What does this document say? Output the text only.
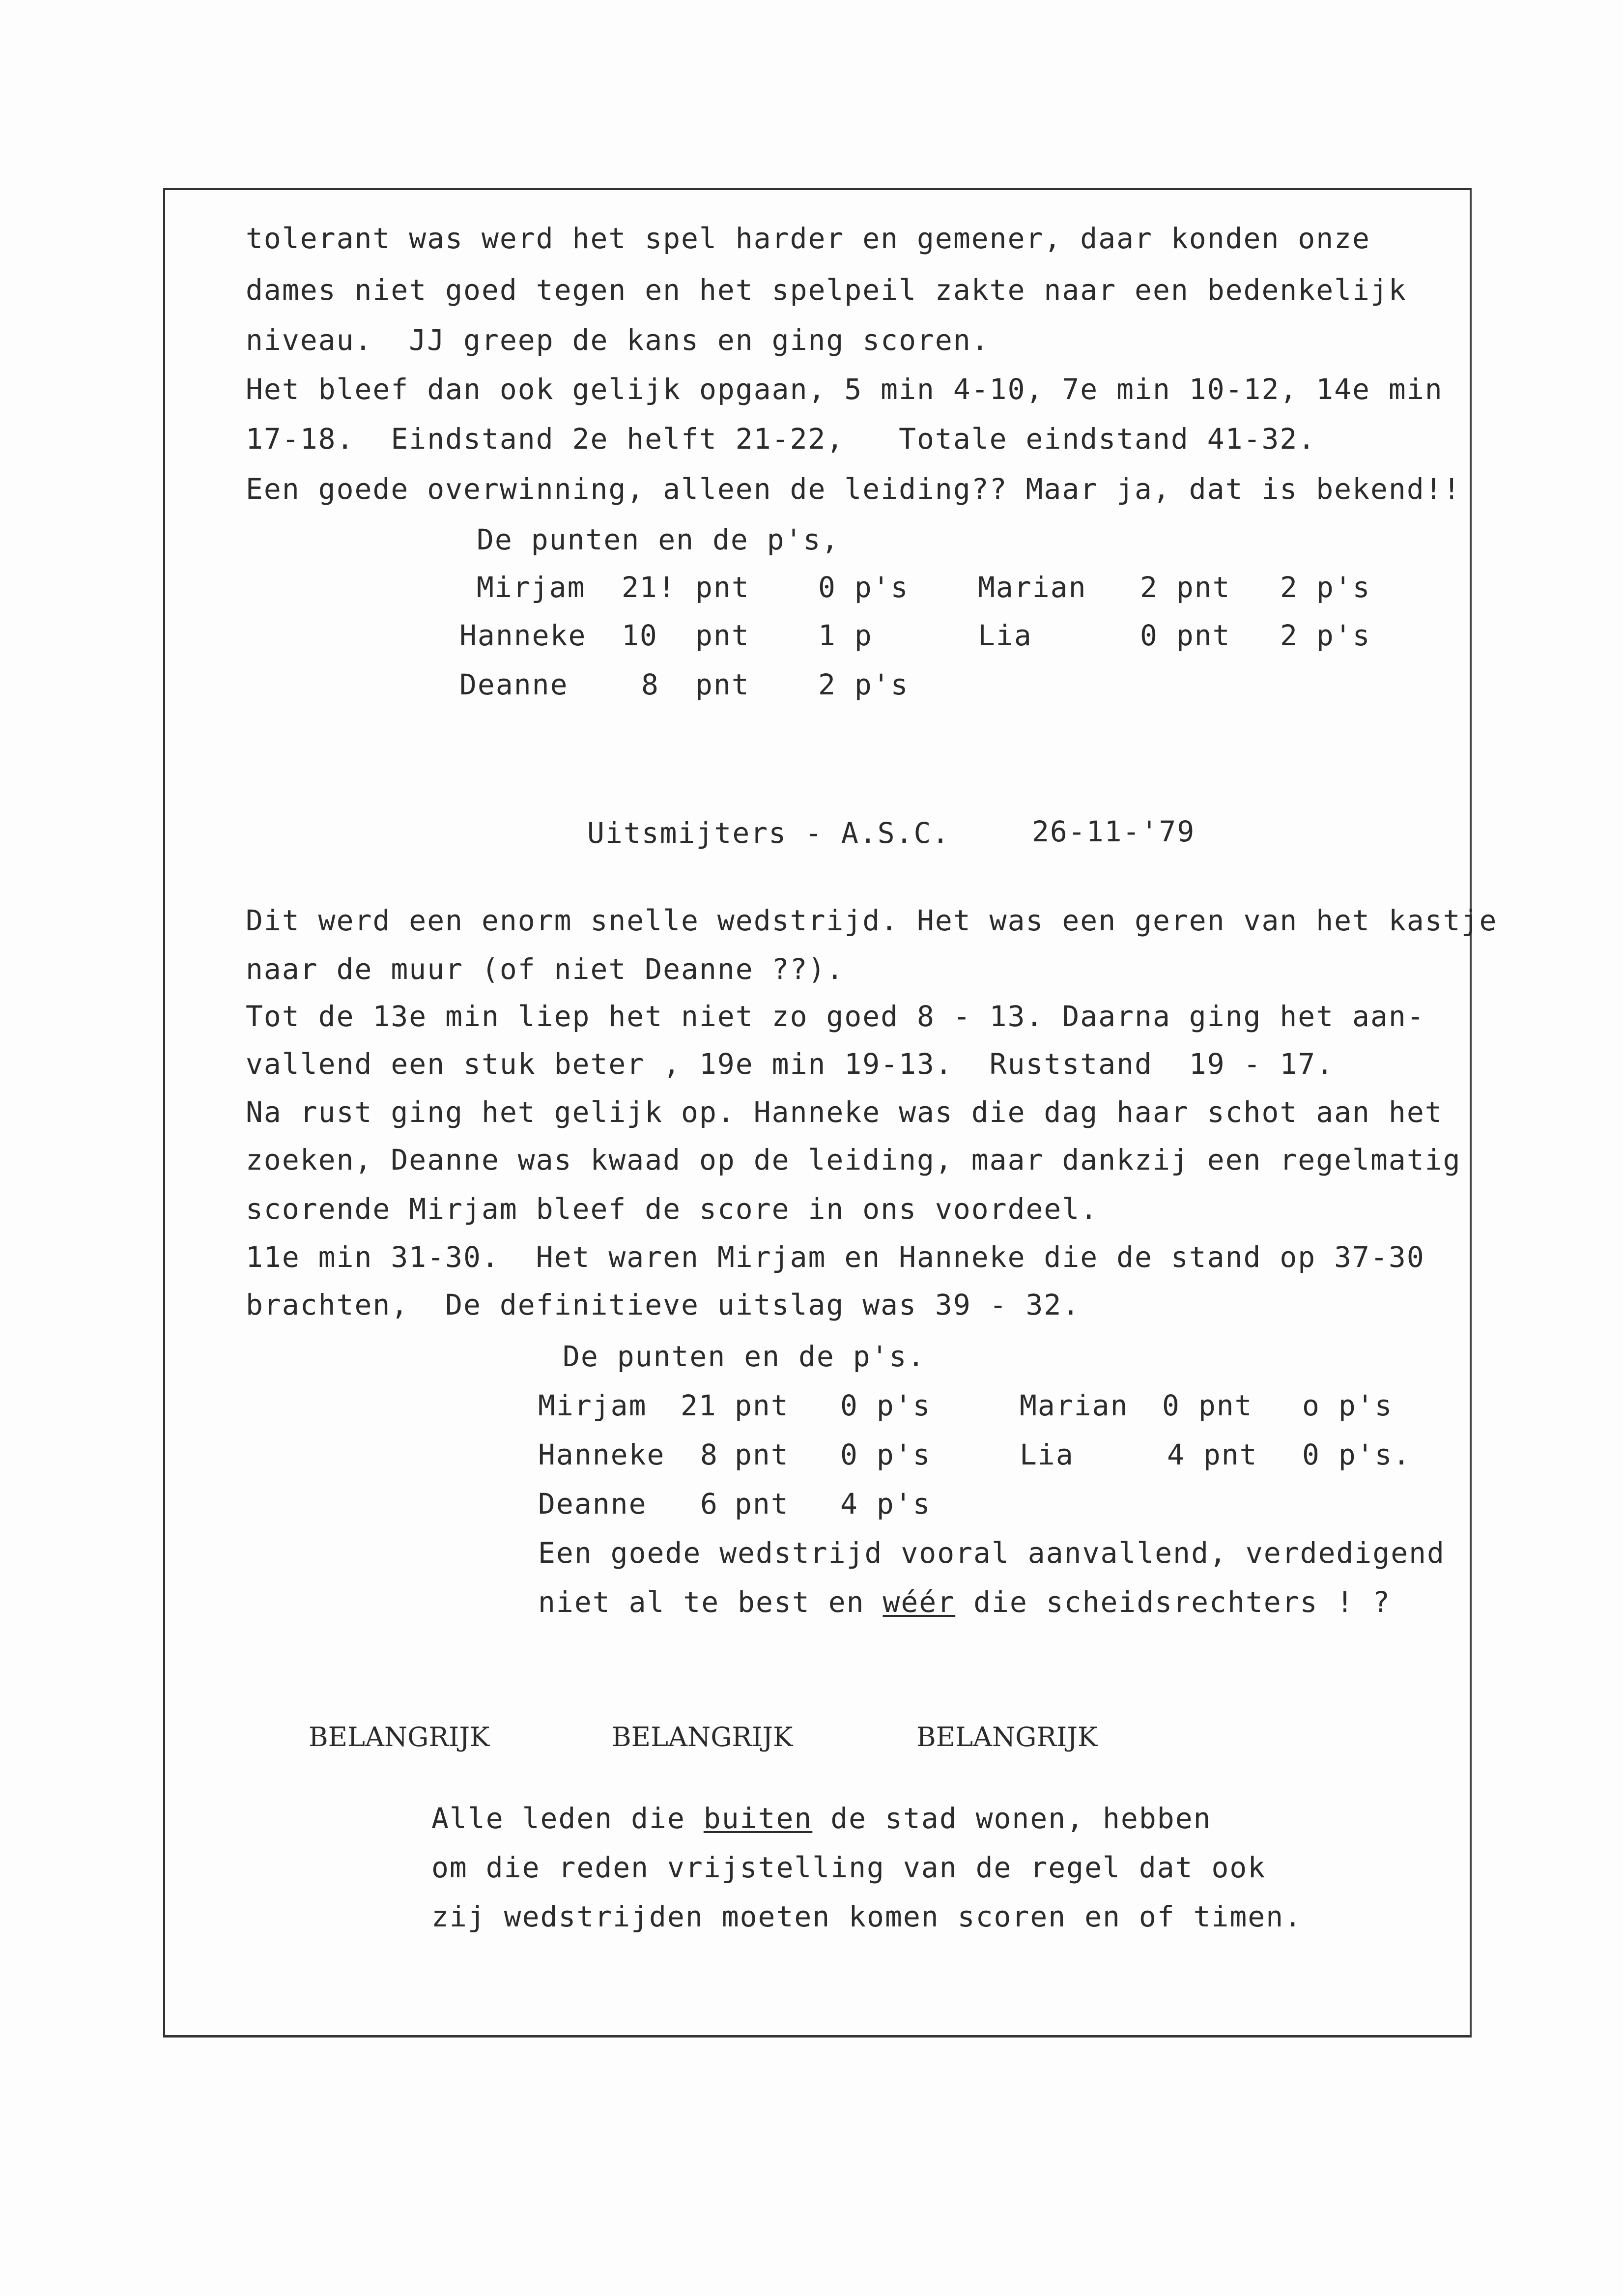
tolerant was werd het spel harder en gemener, daar konden onze
dames niet goed tegen en het spelpeil zakte naar een bedenkelijk
niveau.  JJ greep de kans en ging scoren.
Het bleef dan ook gelijk opgaan, 5 min 4-10, 7e min 10-12, 14e min
17-18.  Eindstand 2e helft 21-22,   Totale eindstand 41-32.
Een goede overwinning, alleen de leiding?? Maar ja, dat is bekend!!
De punten en de p's,
Mirjam 21! pnt 0 p's Marian 2 pnt 2 p's
Hanneke 10 pnt 1 p	Lia	0 pnt 2 p's
Deanne	8 pnt 2 p's
Uitsmijters - A.S.C.	26-11-'79
Dit werd een enorm snelle wedstrijd. Het was een geren van het kastje
naar de muur (of niet Deanne ??).
Tot de 13e min liep het niet zo goed 8 - 13. Daarna ging het aan-
vallend een stuk beter , 19e min 19-13.  Ruststand  19 - 17.
Na rust ging het gelijk op. Hanneke was die dag haar schot aan het
zoeken, Deanne was kwaad op de leiding, maar dankzij een regelmatig
scorende Mirjam bleef de score in ons voordeel.
11e min 31-30.  Het waren Mirjam en Hanneke die de stand op 37-30
brachten,  De definitieve uitslag was 39 - 32.
De punten en de p's.
Mirjam 21 pnt 0 p's	Marian 0 pnt o p's
Hanneke 8 pnt 0 p's	Lia	4 pnt 0 p's.
Deanne 6 pnt 4 p's
Een goede wedstrijd vooral aanvallend, verdedigend
niet al te best en wéér die scheidsrechters ! ?
BELANGRIJK	BELANGRIJK	BELANGRIJK
Alle leden die buiten de stad wonen, hebben
om die reden vrijstelling van de regel dat ook
zij wedstrijden moeten komen scoren en of timen.
